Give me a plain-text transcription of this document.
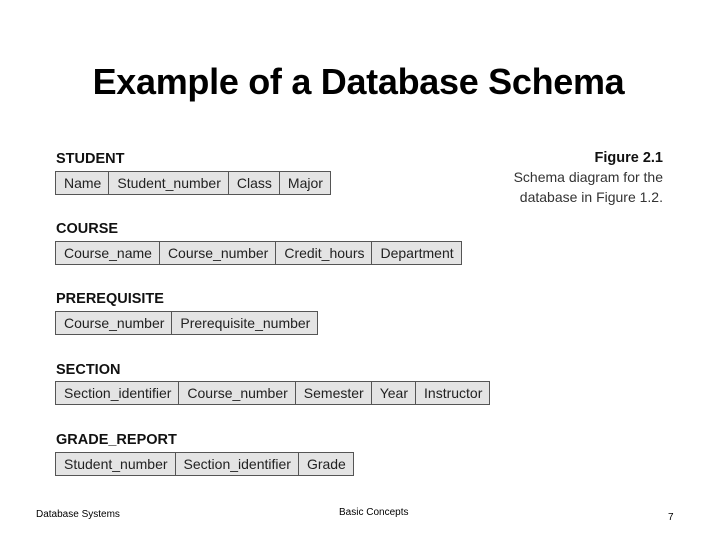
Example of a Database Schema
Figure 2.1
Schema diagram for the
database in Figure 1.2.
STUDENT
Name	Student_number	Class	Major
COURSE
Course_name	Course_number	Credit_hours	Department
PREREQUISITE
Course_number	Prerequisite_number
SECTION
Section_identifier	Course_number	Semester	Year	Instructor
GRADE_REPORT
Student_number	Section_identifier	Grade
Database Systems	Basic Concepts	7
